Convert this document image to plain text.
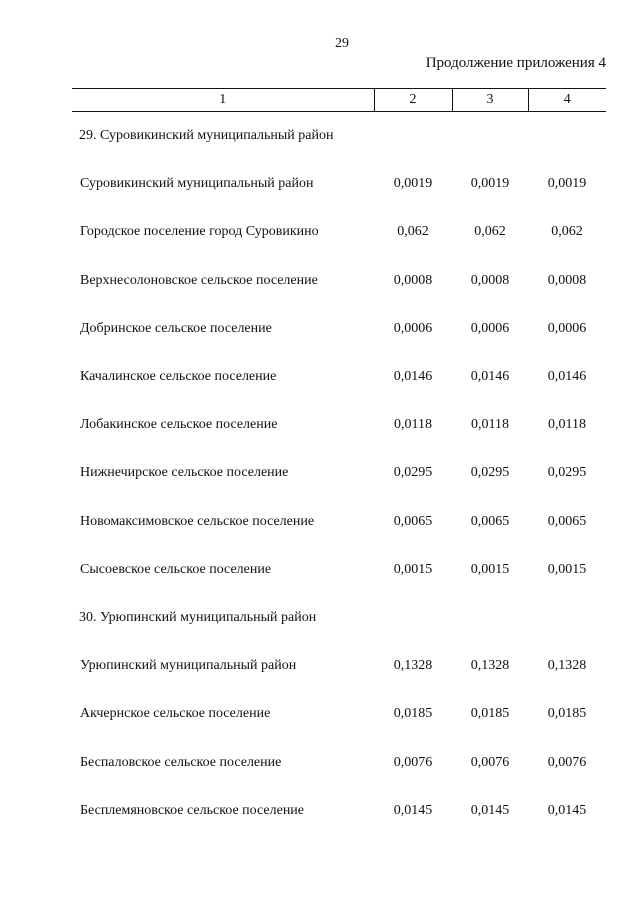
29
Продолжение приложения 4
1	2	3	4
29. Суровикинский муниципальный район			
Суровикинский муниципальный район	0,0019	0,0019	0,0019
Городское поселение город Суровикино	0,062	0,062	0,062
Верхнесолоновское сельское поселение	0,0008	0,0008	0,0008
Добринское сельское поселение	0,0006	0,0006	0,0006
Качалинское сельское поселение	0,0146	0,0146	0,0146
Лобакинское сельское поселение	0,0118	0,0118	0,0118
Нижнечирское сельское поселение	0,0295	0,0295	0,0295
Новомаксимовское сельское поселение	0,0065	0,0065	0,0065
Сысоевское сельское поселение	0,0015	0,0015	0,0015
30. Урюпинский муниципальный район			
Урюпинский муниципальный район	0,1328	0,1328	0,1328
Акчернское сельское поселение	0,0185	0,0185	0,0185
Беспаловское сельское поселение	0,0076	0,0076	0,0076
Бесплемяновское сельское поселение	0,0145	0,0145	0,0145
